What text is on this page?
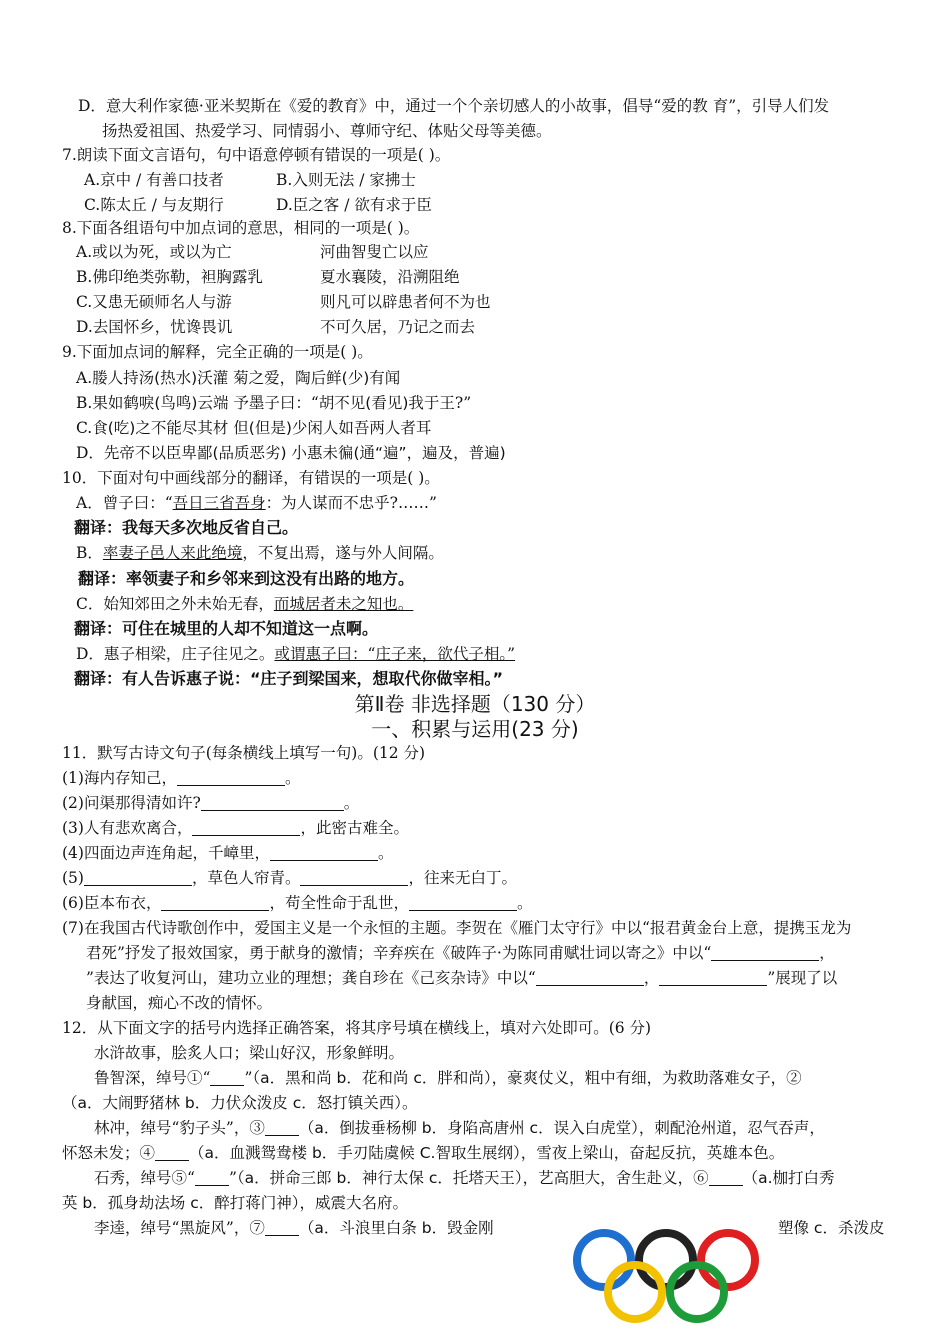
D．意大利作家德·亚米契斯在《爱的教育》中，通过一个个亲切感人的小故事，倡导“爱的教 育”，引导人们发
扬热爱祖国、热爱学习、同情弱小、尊师守纪、体贴父母等美德。
7.朗读下面文言语句，句中语意停顿有错误的一项是( )。
A.京中 / 有善口技者	B.入则无法 / 家拂士
C.陈太丘 / 与友期行	D.臣之客 / 欲有求于臣
8.下面各组语句中加点词的意思，相同的一项是( )。
A.或以为死，或以为亡	河曲智叟亡以应
B.佛印绝类弥勒，袒胸露乳	夏水襄陵，沿溯阻绝
C.又患无硕师名人与游	则凡可以辟患者何不为也
D.去国怀乡，忧谗畏讥	不可久居，乃记之而去
9.下面加点词的解释，完全正确的一项是( )。
A.媵人持汤(热水)沃灌 菊之爱，陶后鲜(少)有闻
B.果如鹤唳(鸟鸣)云端 予墨子曰：“胡不见(看见)我于王?”
C.食(吃)之不能尽其材 但(但是)少闲人如吾两人者耳
D．先帝不以臣卑鄙(品质恶劣) 小惠未徧(通“遍”，遍及，普遍)
10．下面对句中画线部分的翻译，有错误的一项是( )。
A．曾子曰：“吾日三省吾身：为人谋而不忠乎?……”
翻译：我每天多次地反省自己。
B．率妻子邑人来此绝境，不复出焉，遂与外人间隔。
翻译：率领妻子和乡邻来到这没有出路的地方。
C．始知郊田之外未始无春，而城居者未之知也。
翻译：可住在城里的人却不知道这一点啊。
D．惠子相梁，庄子往见之。或谓惠子曰：“庄子来，欲代子相。”
翻译：有人告诉惠子说：“庄子到梁国来，想取代你做宰相。”
第Ⅱ卷 非选择题（130 分）
一、积累与运用(23 分)
11．默写古诗文句子(每条横线上填写一句)。(12 分)
(1)海内存知己，	。
(2)问渠那得清如许?	。
(3)人有悲欢离合，	，此密古难全。
(4)四面边声连角起，千嶂里，	。
(5)	，草色人帘青。	，往来无白丁。
(6)臣本布衣，	，苟全性命于乱世，	。
(7)在我国古代诗歌创作中，爱国主义是一个永恒的主题。李贺在《雁门太守行》中以“报君黄金台上意，提携玉龙为
君死”抒发了报效国家，勇于献身的激情；辛弃疾在《破阵子·为陈同甫赋壮词以寄之》中以“	，
”表达了收复河山，建功立业的理想；龚自珍在《己亥杂诗》中以“	，	”展现了以
身献国，痴心不改的情怀。
12．从下面文字的括号内选择正确答案，将其序号填在横线上，填对六处即可。(6 分)
水浒故事，脍炙人口；梁山好汉，形象鲜明。
鲁智深，绰号①“ ”（a．黑和尚 b．花和尚 c．胖和尚），豪爽仗义，粗中有细，为救助落难女子，②
（a．大闹野猪林 b．力伏众泼皮 c．怒打镇关西）。
林冲，绰号“豹子头”，③ （a．倒拔垂杨柳 b．身陷高唐州 c．误入白虎堂），刺配沧州道，忍气吞声，
怀怒未发；④ （a．血溅鸳鸯楼 b．手刃陆虞候 C.智取生展纲），雪夜上梁山，奋起反抗，英雄本色。
石秀，绰号⑤“ ”（a．拼命三郎 b．神行太保 c．托塔天王），艺高胆大，舍生赴义，⑥ （a.枷打白秀
英 b．孤身劫法场 c．醉打蒋门神），威震大名府。
李逵，绰号“黑旋风”，⑦ （a．斗浪里白条 b．毁金刚	塑像 c．杀泼皮
